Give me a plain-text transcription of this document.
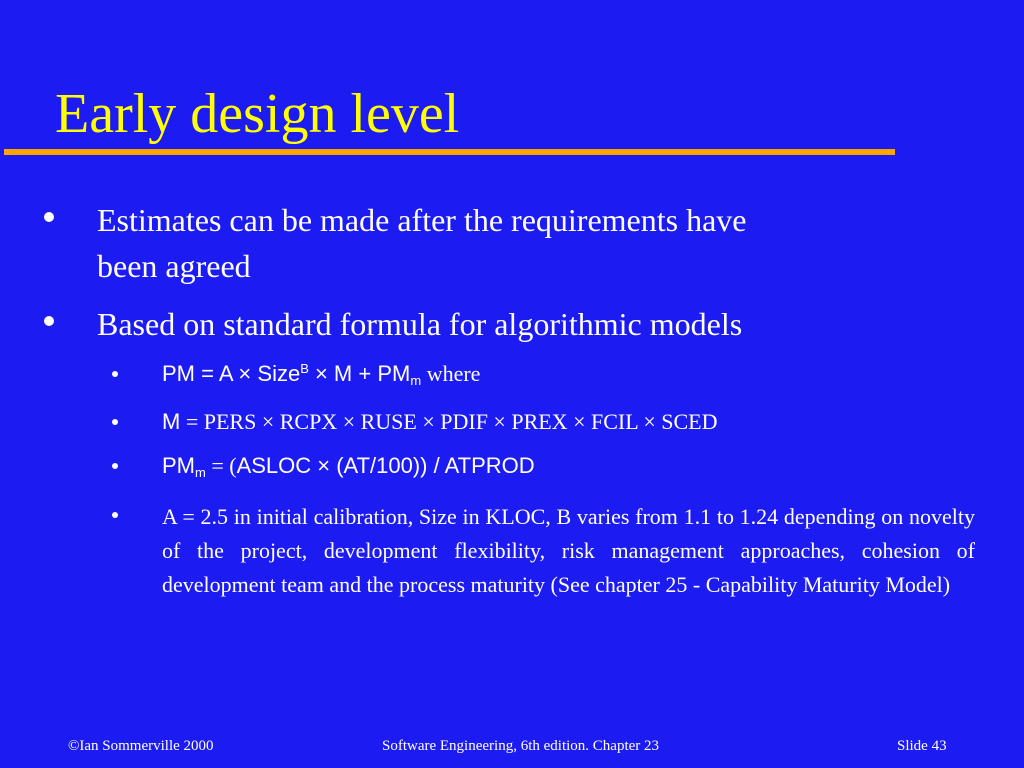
Early design level
Estimates can be made after the requirements have
been agreed
Based on standard formula for algorithmic models
PM = A × Size$^B$ × $M + PM_m$ where
M = PERS × RCPX × RUSE × PDIF × PREX × FCIL × SCED
$PM_m$ = (ASLOC × (AT/100)) / ATPROD
A = 2.5 in initial calibration, Size in KLOC, B varies from 1.1 to 1.24 depending on novelty of the project, development flexibility, risk management approaches, cohesion of development team and the process maturity (See chapter 25 - Capability Maturity Model)
©Ian Sommerville 2000	Software Engineering, 6th edition. Chapter 23	Slide 43
